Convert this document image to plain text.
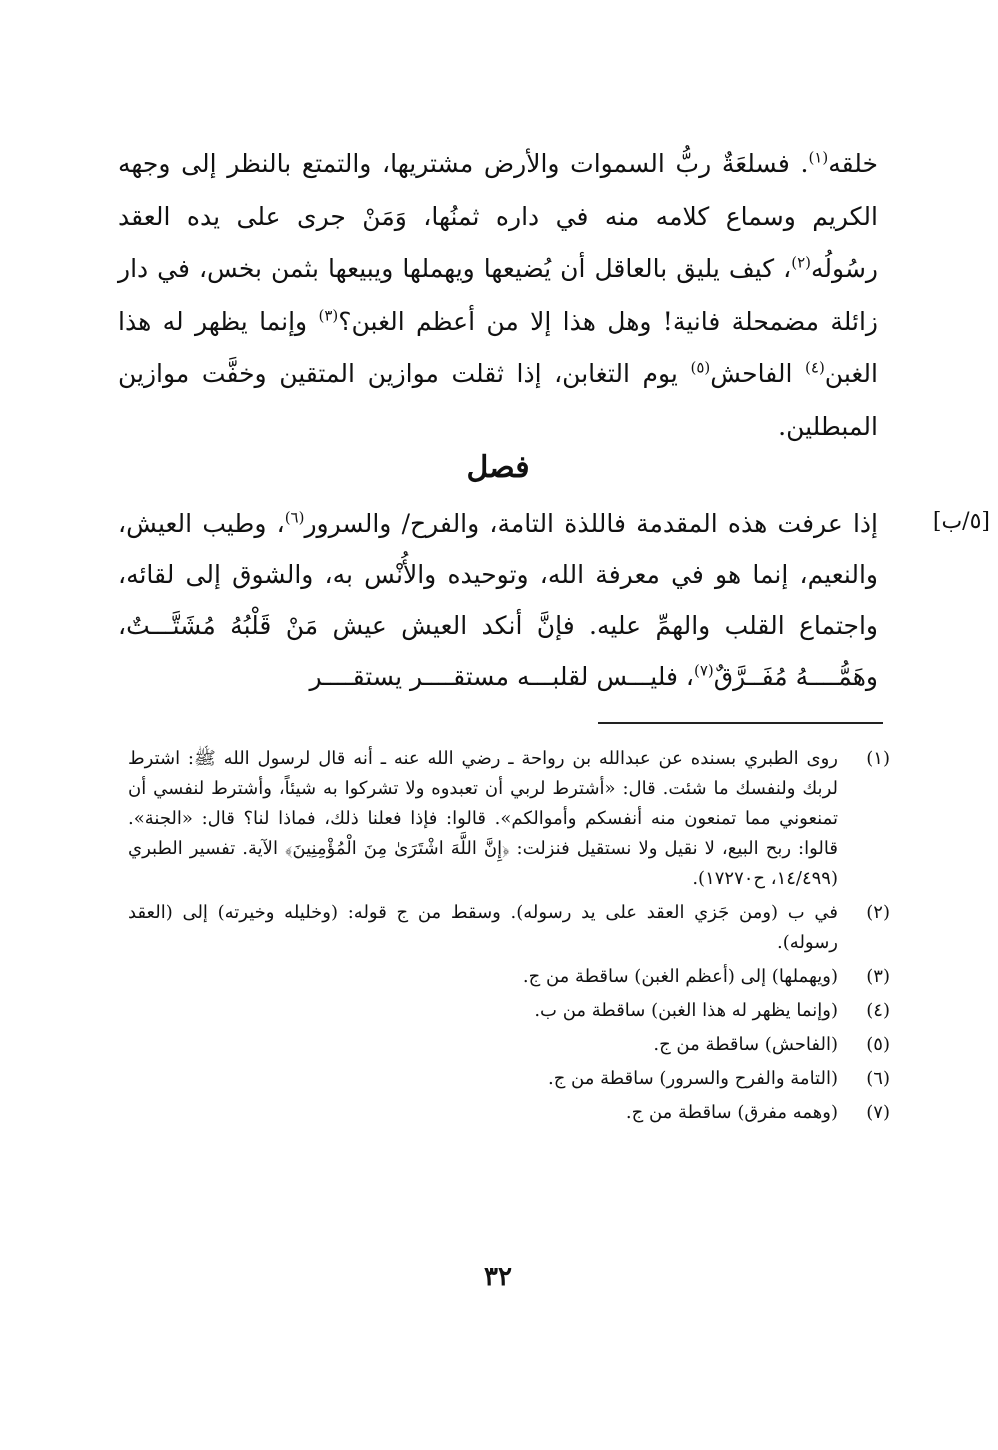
خلقه$^{(١)}$. فسلعَةٌ ربُّ السموات والأرض مشتريها، والتمتع بالنظر إلى وجهه الكريم وسماع كلامه منه في داره ثمنُها، وَمَنْ جرى على يده العقد رسُولُه$^{(٢)}$، كيف يليق بالعاقل أن يُضيعها ويهملها ويبيعها بثمن بخس، في دار زائلة مضمحلة فانية! وهل هذا إلا من أعظم الغبن؟$^{(٣)}$ وإنما يظهر له هذا الغبن$^{(٤)}$ الفاحش$^{(٥)}$ يوم التغابن، إذا ثقلت موازين المتقين وخفَّت موازين المبطلين.

فصل
[٥/ب]

إذا عرفت هذه المقدمة فاللذة التامة، والفرح/ والسرور$^{(٦)}$، وطيب العيش، والنعيم، إنما هو في معرفة الله، وتوحيده والأُنْس به، والشوق إلى لقائه، واجتماع القلب والهمِّ عليه. فإنَّ أنكد العيش عيش مَنْ قَلْبُهُ مُشَتَّـــتٌ، وهَمُّــــهُ مُفَــرَّقٌ$^{(٧)}$، فليـــس لقلبـــه مستقــــر يستقــــر

(١)
روى الطبري بسنده عن عبدالله بن رواحة ـ رضي الله عنه ـ أنه قال لرسول الله ﷺ: اشترط لربك ولنفسك ما شئت. قال: «أشترط لربي أن تعبدوه ولا تشركوا به شيئاً، وأشترط لنفسي أن تمنعوني مما تمنعون منه أنفسكم وأموالكم». قالوا: فإذا فعلنا ذلك، فماذا لنا؟ قال: «الجنة». قالوا: ربح البيع، لا نقيل ولا نستقيل فنزلت: ﴿إِنَّ اللَّهَ اشْتَرَىٰ مِنَ الْمُؤْمِنِينَ﴾ الآية. تفسير الطبري (١٤/٤٩٩، ح١٧٢٧٠).
(٢)
في ب (ومن جَزي العقد على يد رسوله). وسقط من ج قوله: (وخليله وخيرته) إلى (العقد رسوله).
(٣)
(ويهملها) إلى (أعظم الغبن) ساقطة من ج.
(٤)
(وإنما يظهر له هذا الغبن) ساقطة من ب.
(٥)
(الفاحش) ساقطة من ج.
(٦)
(التامة والفرح والسرور) ساقطة من ج.
(٧)
(وهمه مفرق) ساقطة من ج.
٣٢
